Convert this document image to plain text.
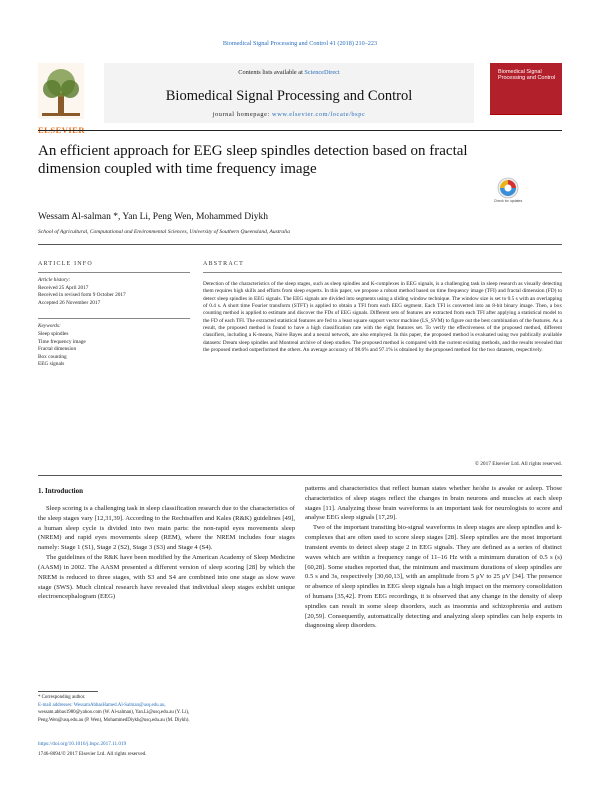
Biomedical Signal Processing and Control 41 (2018) 210–223
ELSEVIER
Contents lists available at ScienceDirect
Biomedical Signal Processing and Control
journal homepage: www.elsevier.com/locate/bspc
Biomedical Signal Processing and Control
An efficient approach for EEG sleep spindles detection based on fractal dimension coupled with time frequency image
Check for updates
Wessam Al-salman *, Yan Li, Peng Wen, Mohammed Diykh
School of Agricultural, Computational and Environmental Sciences, University of Southern Queensland, Australia
ARTICLE INFO	ABSTRACT
Article history:
Received 25 April 2017
Received in revised form 9 October 2017
Accepted 26 November 2017
Keywords:
Sleep spindles
Time frequency image
Fractal dimension
Box counting
EEG signals
Detection of the characteristics of the sleep stages, such as sleep spindles and K-complexes in EEG signals, is a challenging task in sleep research as visually detecting them requires high skills and efforts from sleep experts. In this paper, we propose a robust method based on time frequency image (TFI) and fractal dimension (FD) to detect sleep spindles in EEG signals. The EEG signals are divided into segments using a sliding window technique. The window size is set to 0.5 s with an overlapping of 0.4 s. A short time Fourier transform (STFT) is applied to obtain a TFI from each EEG segment. Each TFI is converted into an 8-bit binary image. Then, a box counting method is applied to estimate and discover the FDs of EEG signals. Different sets of features are extracted from each TFI after applying a statistical model to the FD of each TFI. The extracted statistical features are fed to a least square support vector machine (LS_SVM) to figure out the best combination of the features. As a result, the proposed method is found to have a high classification rate with the eight features set. To verify the effectiveness of the proposed method, different classifiers, including a K-means, Naive Bayes and a neural network, are also employed. In this paper, the proposed method is evaluated using two publically available datasets: Dream sleep spindles and Montreal archive of sleep studies. The proposed method is compared with the current existing methods, and the results revealed that the proposed method outperformed the others. An average accuracy of 98.6% and 97.1% is obtained by the proposed method for the two datasets, respectively.
© 2017 Elsevier Ltd. All rights reserved.
1. Introduction

Sleep scoring is a challenging task in sleep classification research due to the characteristics of the sleep stages vary [12,31,39]. According to the Rechtsaffen and Kales (R&K) guidelines [49], a human sleep cycle is divided into two main parts: the non-rapid eyes movements sleep (NREM) and rapid eyes movements sleep (REM), where the NREM includes four stages namely: Stage 1 (S1), Stage 2 (S2), Stage 3 (S3) and Stage 4 (S4).

The guidelines of the R&K have been modified by the American Academy of Sleep Medicine (AASM) in 2002. The AASM presented a different version of sleep scoring [28] by which the NREM is reduced to three stages, with S3 and S4 are combined into one stage as slow wave stage (SWS). Much clinical research have revealed that individual sleep stages exhibit unique electroencephalogram (EEG)

patterns and characteristics that reflect human states whether he/she is awake or asleep. Those characteristics of sleep stages reflect the changes in brain neurons and muscles at each sleep stages [11]. Analyzing those brain waveforms is an important task for neurologists to score and analyse EEG sleep signals [17,29].

Two of the important transiting bio-signal waveforms in sleep stages are sleep spindles and k-complexes that are often used to score sleep stages [28]. Sleep spindles are the most important transient events to detect sleep stage 2 in EEG signals. They are defined as a series of distinct waves which are within a frequency range of 11–16 Hz with a minimum duration of 0.5 s (s) [60,28]. Some studies reported that, the minimum and maximum durations of sleep spindles are 0.5 s and 3s, respectively [30,60,13], with an amplitude from 5 μV to 25 μV [34]. The presence or absence of sleep spindles in EEG sleep signals has a high impact on the memory consolidation of humans [35,42]. From EEG recordings, it is observed that any change in the density of sleep spindles can result in some sleep disorders, such as insomnia and schizophrenia and autism [20,59]. Consequently, automatically detecting and analyzing sleep spindles can help experts in diagnosing sleep disorders.

* Corresponding author.
E-mail addresses: WessamAbbasHamed.Al-Salman@usq.edu.au,
wessam.abbas1980@yahoo.com (W. Al-salman), Yan.Li@usq.edu.au (Y. Li),
Peng.Wen@usq.edu.au (P. Wen), MohammedDiykh@usq.edu.au (M. Diykh).
https://doi.org/10.1016/j.bspc.2017.11.019
1746-8094/© 2017 Elsevier Ltd. All rights reserved.
